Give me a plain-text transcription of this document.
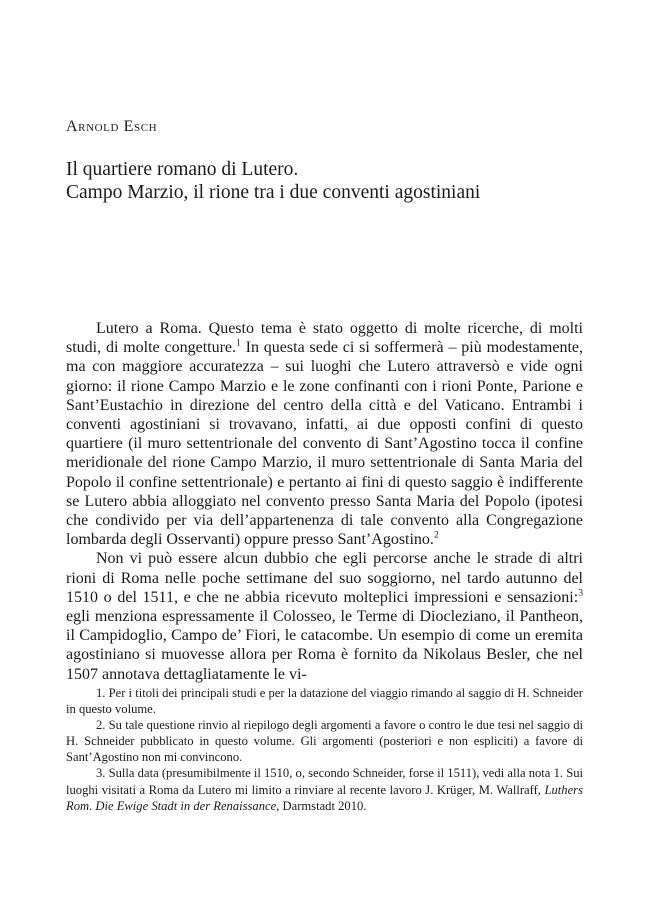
Arnold Esch
Il quartiere romano di Lutero.
Campo Marzio, il rione tra i due conventi agostiniani

Lutero a Roma. Questo tema è stato oggetto di molte ricerche, di molti studi, di molte congetture.$^1$ In questa sede ci si soffermerà – più modestamente, ma con maggiore accuratezza – sui luoghi che Lutero attraversò e vide ogni giorno: il rione Campo Marzio e le zone confinanti con i rioni Ponte, Parione e Sant’Eustachio in direzione del centro della città e del Vaticano. Entrambi i conventi agostiniani si trovavano, infatti, ai due opposti confini di questo quartiere (il muro settentrionale del convento di Sant’Agostino tocca il confine meridionale del rione Campo Marzio, il muro settentrionale di Santa Maria del Popolo il confine settentrionale) e pertanto ai fini di questo saggio è indifferente se Lutero abbia alloggiato nel convento presso Santa Maria del Popolo (ipotesi che condivido per via dell’appartenenza di tale convento alla Congregazione lombarda degli Osservanti) oppure presso Sant’Agostino.$^2$

Non vi può essere alcun dubbio che egli percorse anche le strade di altri rioni di Roma nelle poche settimane del suo soggiorno, nel tardo autunno del 1510 o del 1511, e che ne abbia ricevuto molteplici impressioni e sensazioni:$^3$ egli menziona espressamente il Colosseo, le Terme di Diocleziano, il Pantheon, il Campidoglio, Campo de’ Fiori, le catacombe. Un esempio di come un eremita agostiniano si muovesse allora per Roma è fornito da Nikolaus Besler, che nel 1507 annotava dettagliatamente le vi-

1. Per i titoli dei principali studi e per la datazione del viaggio rimando al saggio di H. Schneider in questo volume.

2. Su tale questione rinvio al riepilogo degli argomenti a favore o contro le due tesi nel saggio di H. Schneider pubblicato in questo volume. Gli argomenti (posteriori e non espliciti) a favore di Sant’Agostino non mi convincono.

3. Sulla data (presumibilmente il 1510, o, secondo Schneider, forse il 1511), vedi alla nota 1. Sui luoghi visitati a Roma da Lutero mi limito a rinviare al recente lavoro J. Krüger, M. Wallraff, Luthers Rom. Die Ewige Stadt in der Renaissance, Darmstadt 2010.
